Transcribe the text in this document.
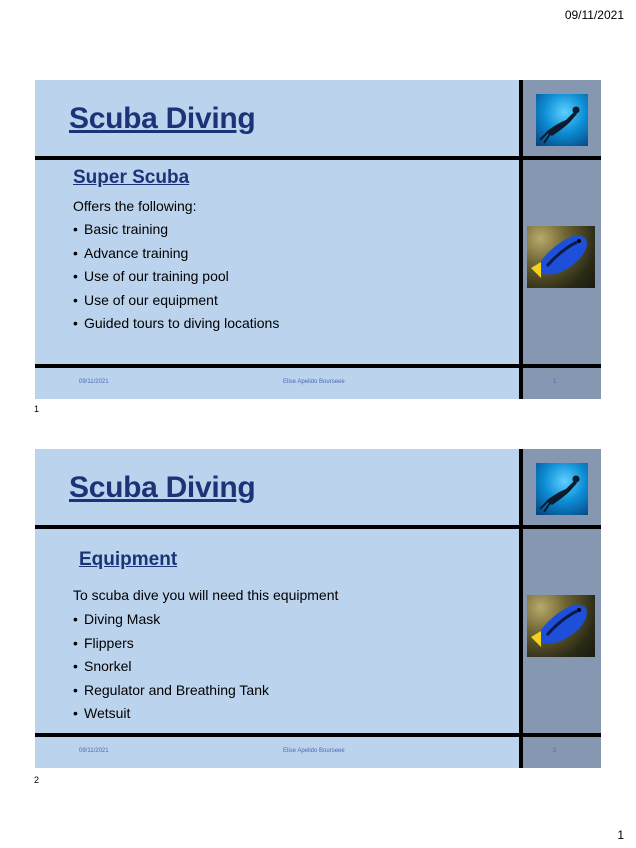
09/11/2021
Scuba Diving
Super Scuba
Offers the following:
• Basic training
• Advance training
• Use of our training pool
• Use of our equipment
• Guided tours to diving locations
09/11/2021	Elise Apelido Bourseee	1
1
Scuba Diving
Equipment
To scuba dive you will need this equipment
• Diving Mask
• Flippers
• Snorkel
• Regulator and Breathing Tank
• Wetsuit
09/11/2021	Elise Apelido Bourseee	2
2
1
